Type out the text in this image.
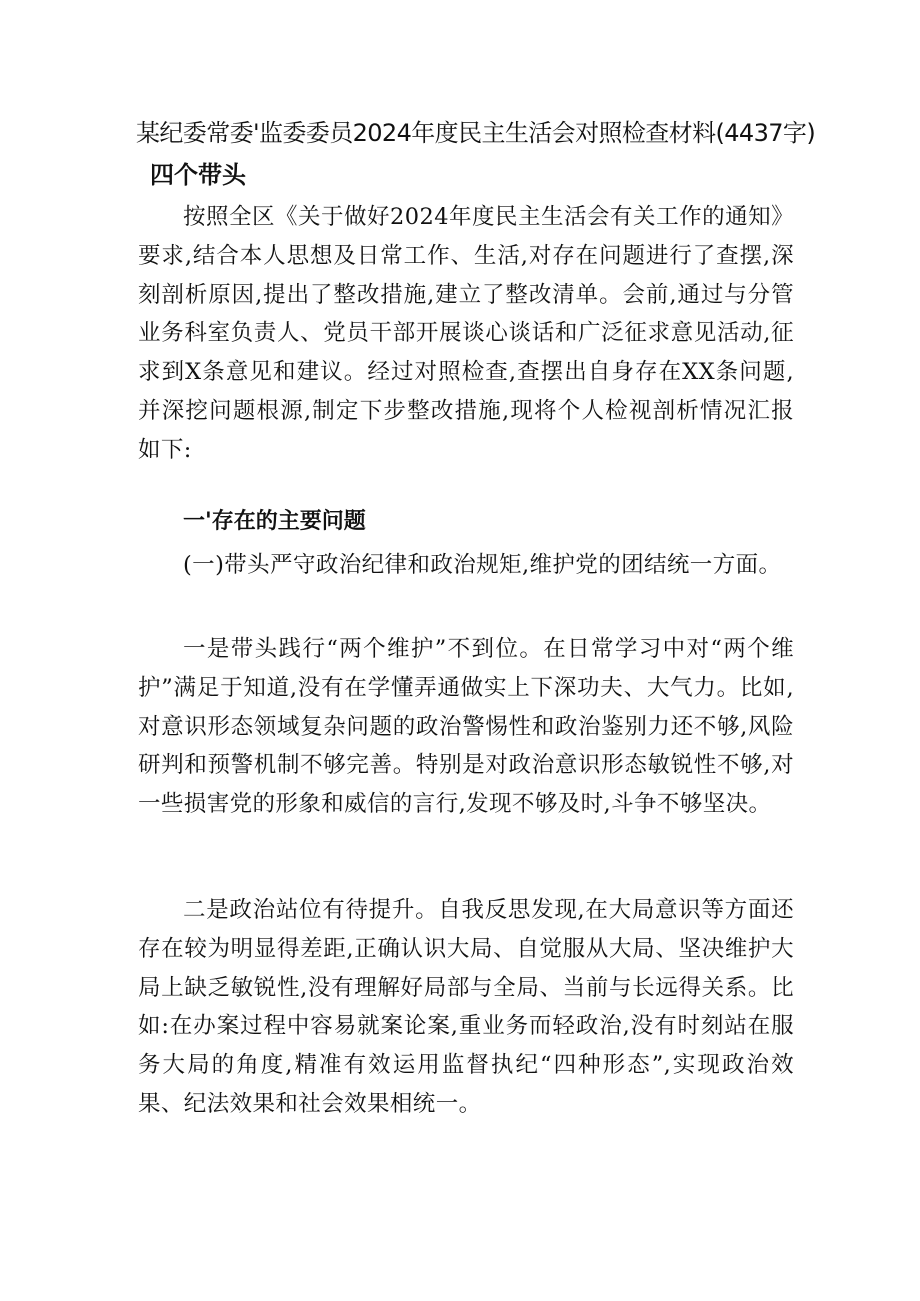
某纪委常委'监委委员2024年度民主生活会对照检查材料(4437字)
四个带头

按照全区《关于做好2024年度民主生活会有关工作的通知》要求,结合本人思想及日常工作、生活,对存在问题进行了查摆,深刻剖析原因,提出了整改措施,建立了整改清单。会前,通过与分管业务科室负责人、党员干部开展谈心谈话和广泛征求意见活动,征求到X条意见和建议。经过对照检查,查摆出自身存在XX条问题,并深挖问题根源,制定下步整改措施,现将个人检视剖析情况汇报如下:

一'存在的主要问题

(一)带头严守政治纪律和政治规矩,维护党的团结统一方面。

一是带头践行“两个维护”不到位。在日常学习中对“两个维护”满足于知道,没有在学懂弄通做实上下深功夫、大气力。比如,对意识形态领域复杂问题的政治警惕性和政治鉴别力还不够,风险研判和预警机制不够完善。特别是对政治意识形态敏锐性不够,对一些损害党的形象和威信的言行,发现不够及时,斗争不够坚决。

二是政治站位有待提升。自我反思发现,在大局意识等方面还存在较为明显得差距,正确认识大局、自觉服从大局、坚决维护大局上缺乏敏锐性,没有理解好局部与全局、当前与长远得关系。比如:在办案过程中容易就案论案,重业务而轻政治,没有时刻站在服务大局的角度,精准有效运用监督执纪“四种形态”,实现政治效果、纪法效果和社会效果相统一。
